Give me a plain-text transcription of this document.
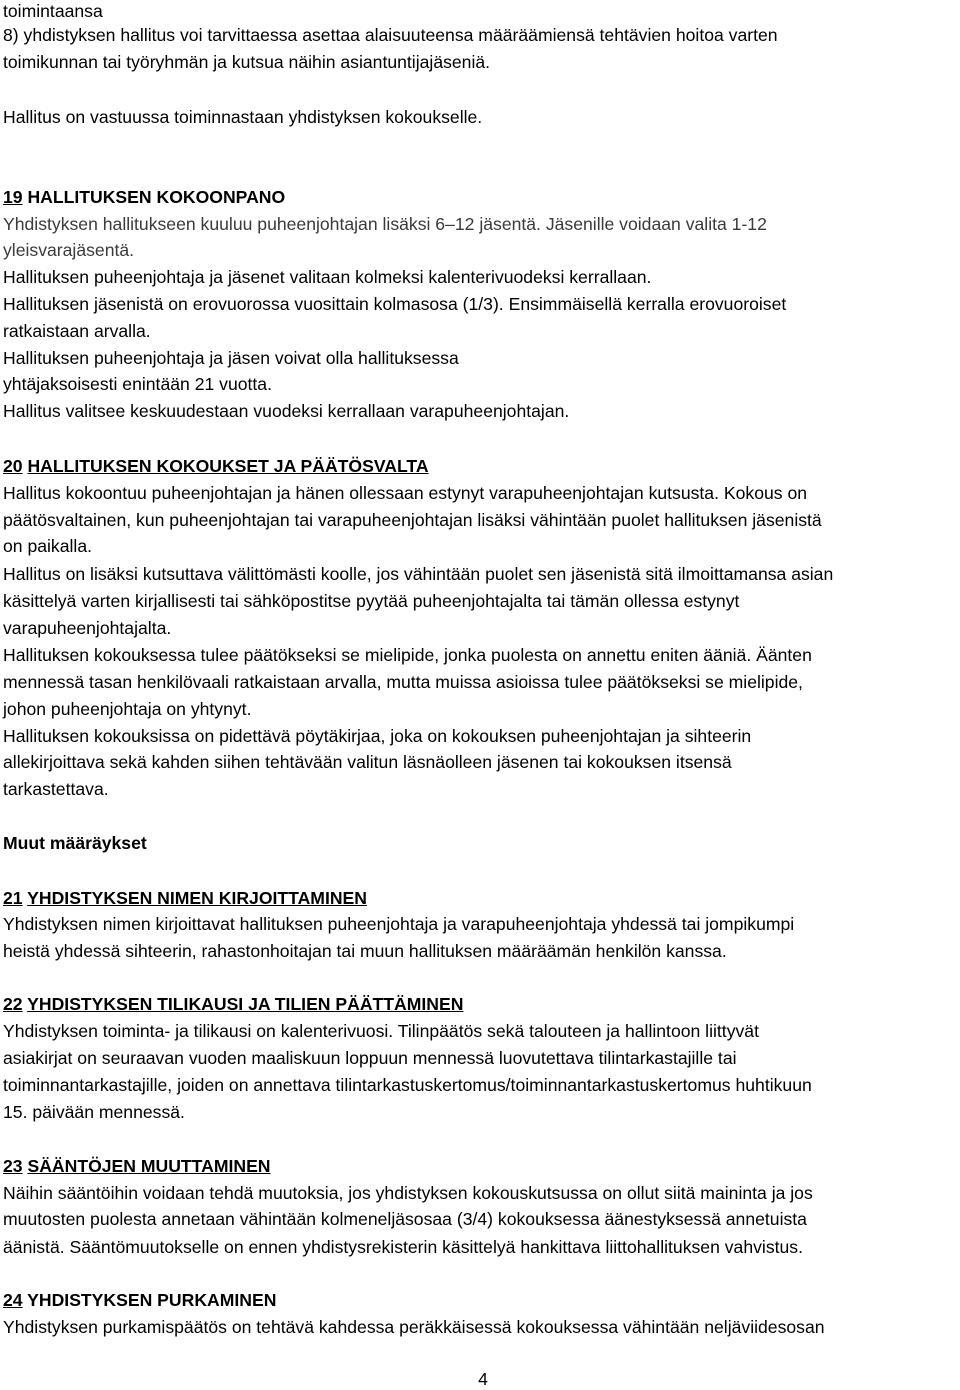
toimintaansa

8) yhdistyksen hallitus voi tarvittaessa asettaa alaisuuteensa määräämiensä tehtävien hoitoa varten

toimikunnan tai työryhmän ja kutsua näihin asiantuntijajäseniä.

Hallitus on vastuussa toiminnastaan yhdistyksen kokoukselle.

19 HALLITUKSEN KOKOONPANO

Yhdistyksen hallitukseen kuuluu puheenjohtajan lisäksi 6–12 jäsentä. Jäsenille voidaan valita 1-12

yleisvarajäsentä.

Hallituksen puheenjohtaja ja jäsenet valitaan kolmeksi kalenterivuodeksi kerrallaan.

Hallituksen jäsenistä on erovuorossa vuosittain kolmasosa (1/3). Ensimmäisellä kerralla erovuoroiset

ratkaistaan arvalla.

Hallituksen puheenjohtaja ja jäsen voivat olla hallituksessa

yhtäjaksoisesti enintään 21 vuotta.

Hallitus valitsee keskuudestaan vuodeksi kerrallaan varapuheenjohtajan.

20 HALLITUKSEN KOKOUKSET JA PÄÄTÖSVALTA

Hallitus kokoontuu puheenjohtajan ja hänen ollessaan estynyt varapuheenjohtajan kutsusta. Kokous on

päätösvaltainen, kun puheenjohtajan tai varapuheenjohtajan lisäksi vähintään puolet hallituksen jäsenistä

on paikalla.

Hallitus on lisäksi kutsuttava välittömästi koolle, jos vähintään puolet sen jäsenistä sitä ilmoittamansa asian

käsittelyä varten kirjallisesti tai sähköpostitse pyytää puheenjohtajalta tai tämän ollessa estynyt

varapuheenjohtajalta.

Hallituksen kokouksessa tulee päätökseksi se mielipide, jonka puolesta on annettu eniten ääniä. Äänten

mennessä tasan henkilövaali ratkaistaan arvalla, mutta muissa asioissa tulee päätökseksi se mielipide,

johon puheenjohtaja on yhtynyt.

Hallituksen kokouksissa on pidettävä pöytäkirjaa, joka on kokouksen puheenjohtajan ja sihteerin

allekirjoittava sekä kahden siihen tehtävään valitun läsnäolleen jäsenen tai kokouksen itsensä

tarkastettava.

Muut määräykset

21 YHDISTYKSEN NIMEN KIRJOITTAMINEN

Yhdistyksen nimen kirjoittavat hallituksen puheenjohtaja ja varapuheenjohtaja yhdessä tai jompikumpi

heistä yhdessä sihteerin, rahastonhoitajan tai muun hallituksen määräämän henkilön kanssa.

22 YHDISTYKSEN TILIKAUSI JA TILIEN PÄÄTTÄMINEN

Yhdistyksen toiminta- ja tilikausi on kalenterivuosi. Tilinpäätös sekä talouteen ja hallintoon liittyvät

asiakirjat on seuraavan vuoden maaliskuun loppuun mennessä luovutettava tilintarkastajille tai

toiminnantarkastajille, joiden on annettava tilintarkastuskertomus/toiminnantarkastuskertomus huhtikuun

15. päivään mennessä.

23 SÄÄNTÖJEN MUUTTAMINEN

Näihin sääntöihin voidaan tehdä muutoksia, jos yhdistyksen kokouskutsussa on ollut siitä maininta ja jos

muutosten puolesta annetaan vähintään kolmeneljäsosaa (3/4) kokouksessa äänestyksessä annetuista

äänistä. Sääntömuutokselle on ennen yhdistysrekisterin käsittelyä hankittava liittohallituksen vahvistus.

24 YHDISTYKSEN PURKAMINEN

Yhdistyksen purkamispäätös on tehtävä kahdessa peräkkäisessä kokouksessa vähintään neljäviidesosan

4
